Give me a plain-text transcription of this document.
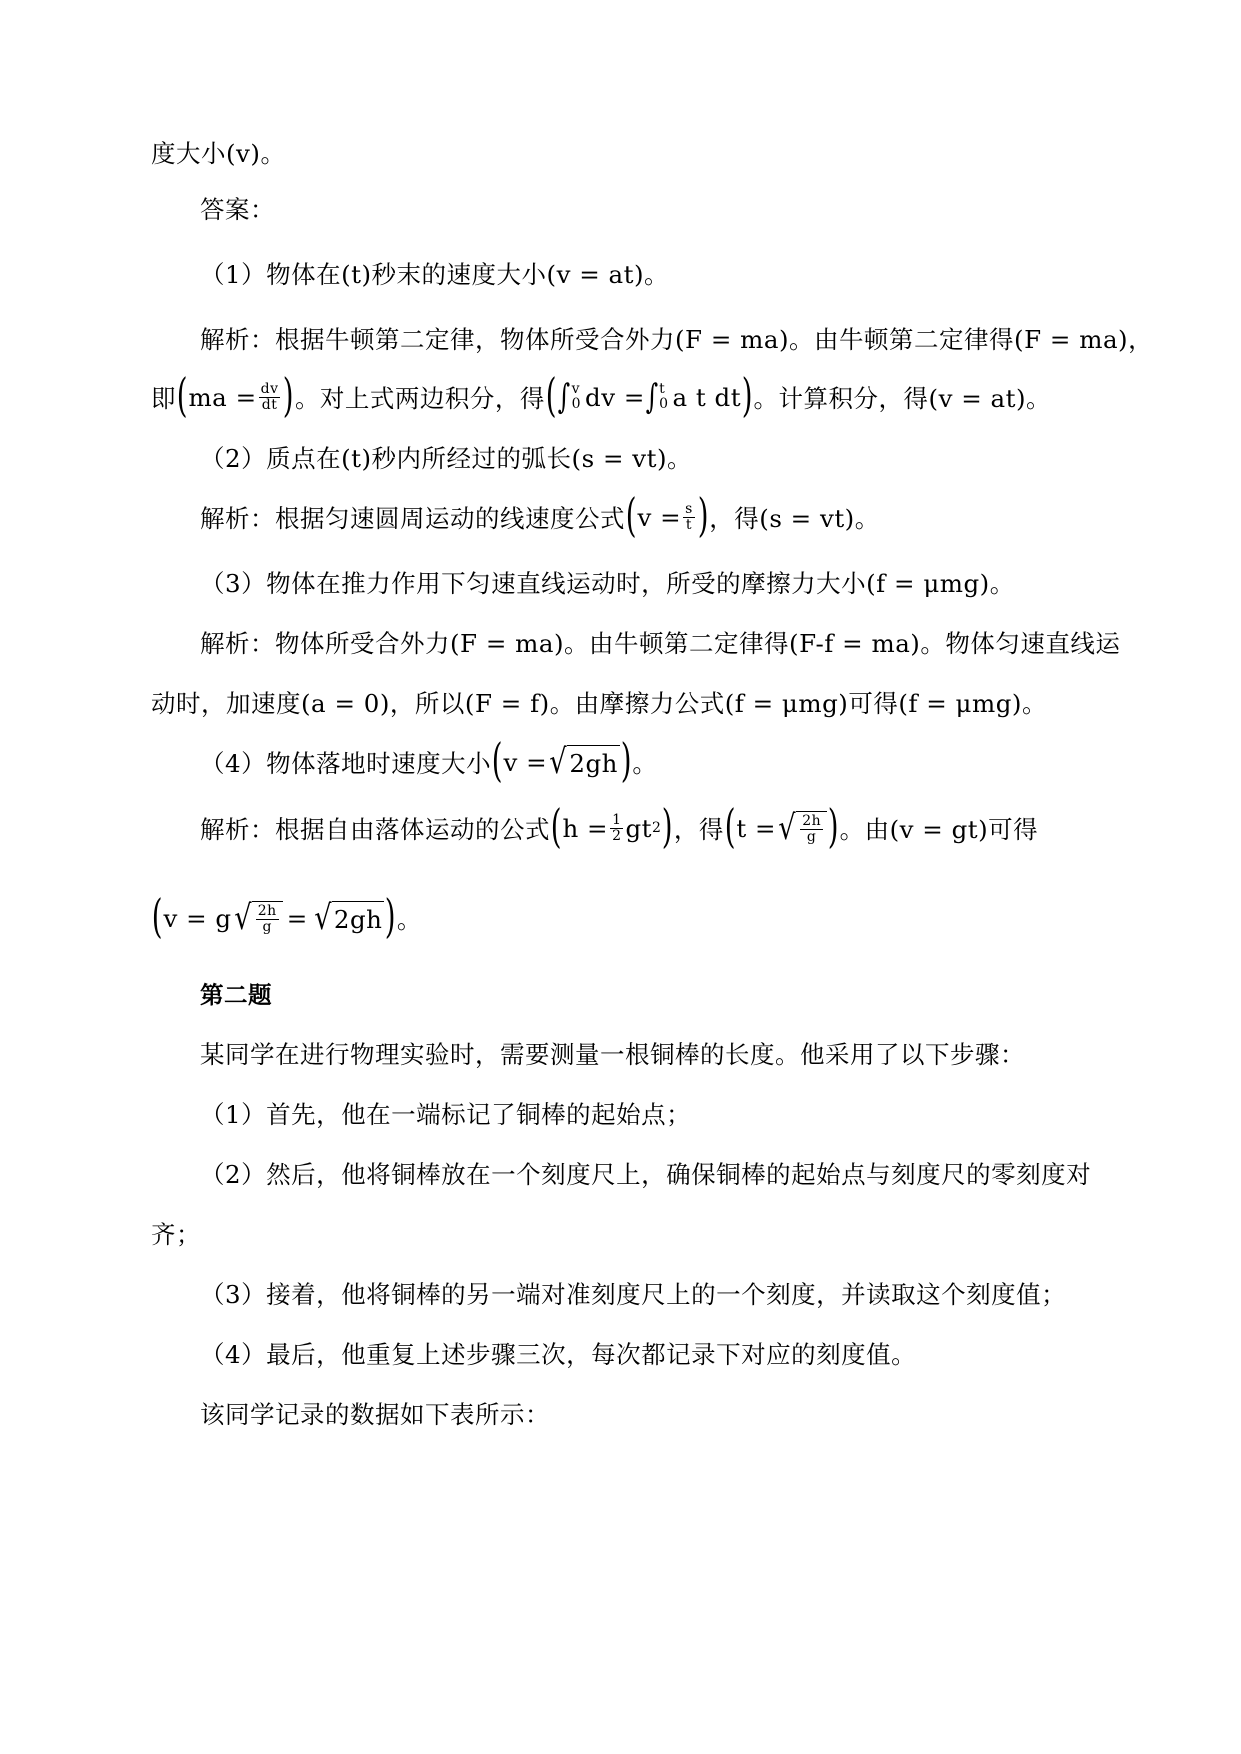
度大小(v)。
答案：
（1）物体在(t)秒末的速度大小(v = at)。
解析：根据牛顿第二定律，物体所受合外力(F = ma)。由牛顿第二定律得(F = ma)，
即 ( ma = $\frac{dv}{dt}$ ) 。对上式两边积分，得 ( ∫ v
0 dv = ∫ t
0 a t dt ) 。计算积分，得(v = at)。
（2）质点在(t)秒内所经过的弧长(s = vt)。
解析：根据匀速圆周运动的线速度公式 ( $v = \frac{s}{t}$ ) ，得(s = vt)。
（3）物体在推力作用下匀速直线运动时，所受的摩擦力大小(f = μmg)。
解析：物体所受合外力(F = ma)。由牛顿第二定律得(F-f = ma)。物体匀速直线运
动时，加速度(a = 0)，所以(F = f)。由摩擦力公式(f = μmg)可得(f = μmg)。
（4）物体落地时速度大小 ( v = √ 2gh ) 。
解析：根据自由落体运动的公式 ( $h = \frac{1}{2}$ gt 2 ) ，得 ( t = √ $\frac{2h}{g}$ ) 。由(v = gt)可得
( v = g √ $\frac{2h}{g}$ = √ 2gh ) 。
第二题
某同学在进行物理实验时，需要测量一根铜棒的长度。他采用了以下步骤：
（1）首先，他在一端标记了铜棒的起始点；
（2）然后，他将铜棒放在一个刻度尺上，确保铜棒的起始点与刻度尺的零刻度对
齐；
（3）接着，他将铜棒的另一端对准刻度尺上的一个刻度，并读取这个刻度值；
（4）最后，他重复上述步骤三次，每次都记录下对应的刻度值。
该同学记录的数据如下表所示：
